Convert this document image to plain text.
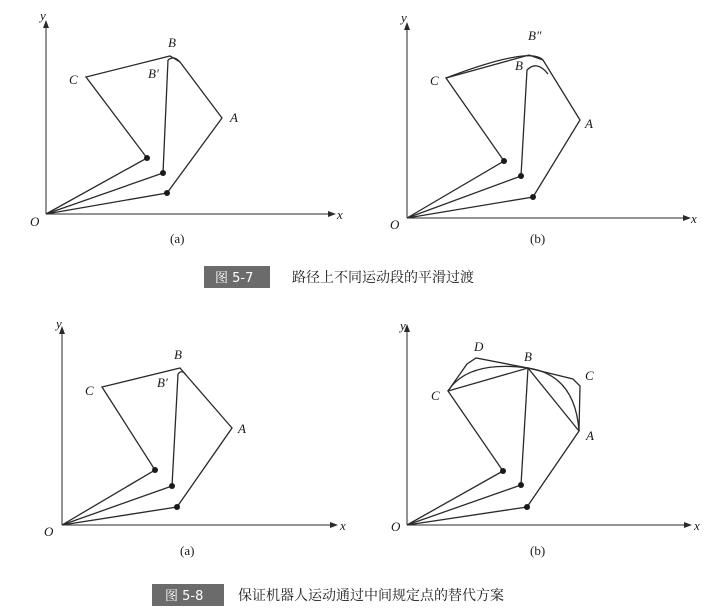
y
x
O
C
B
B′
A
(a)
y
x
O
C
B″
B
A
(b)
图 5-7	路径上不同运动段的平滑过渡
y
x
O
C
B
B′
A
(a)
y
x
O
D
B
C
C
A
(b)
图 5-8 保证机器人运动通过中间规定点的替代方案
